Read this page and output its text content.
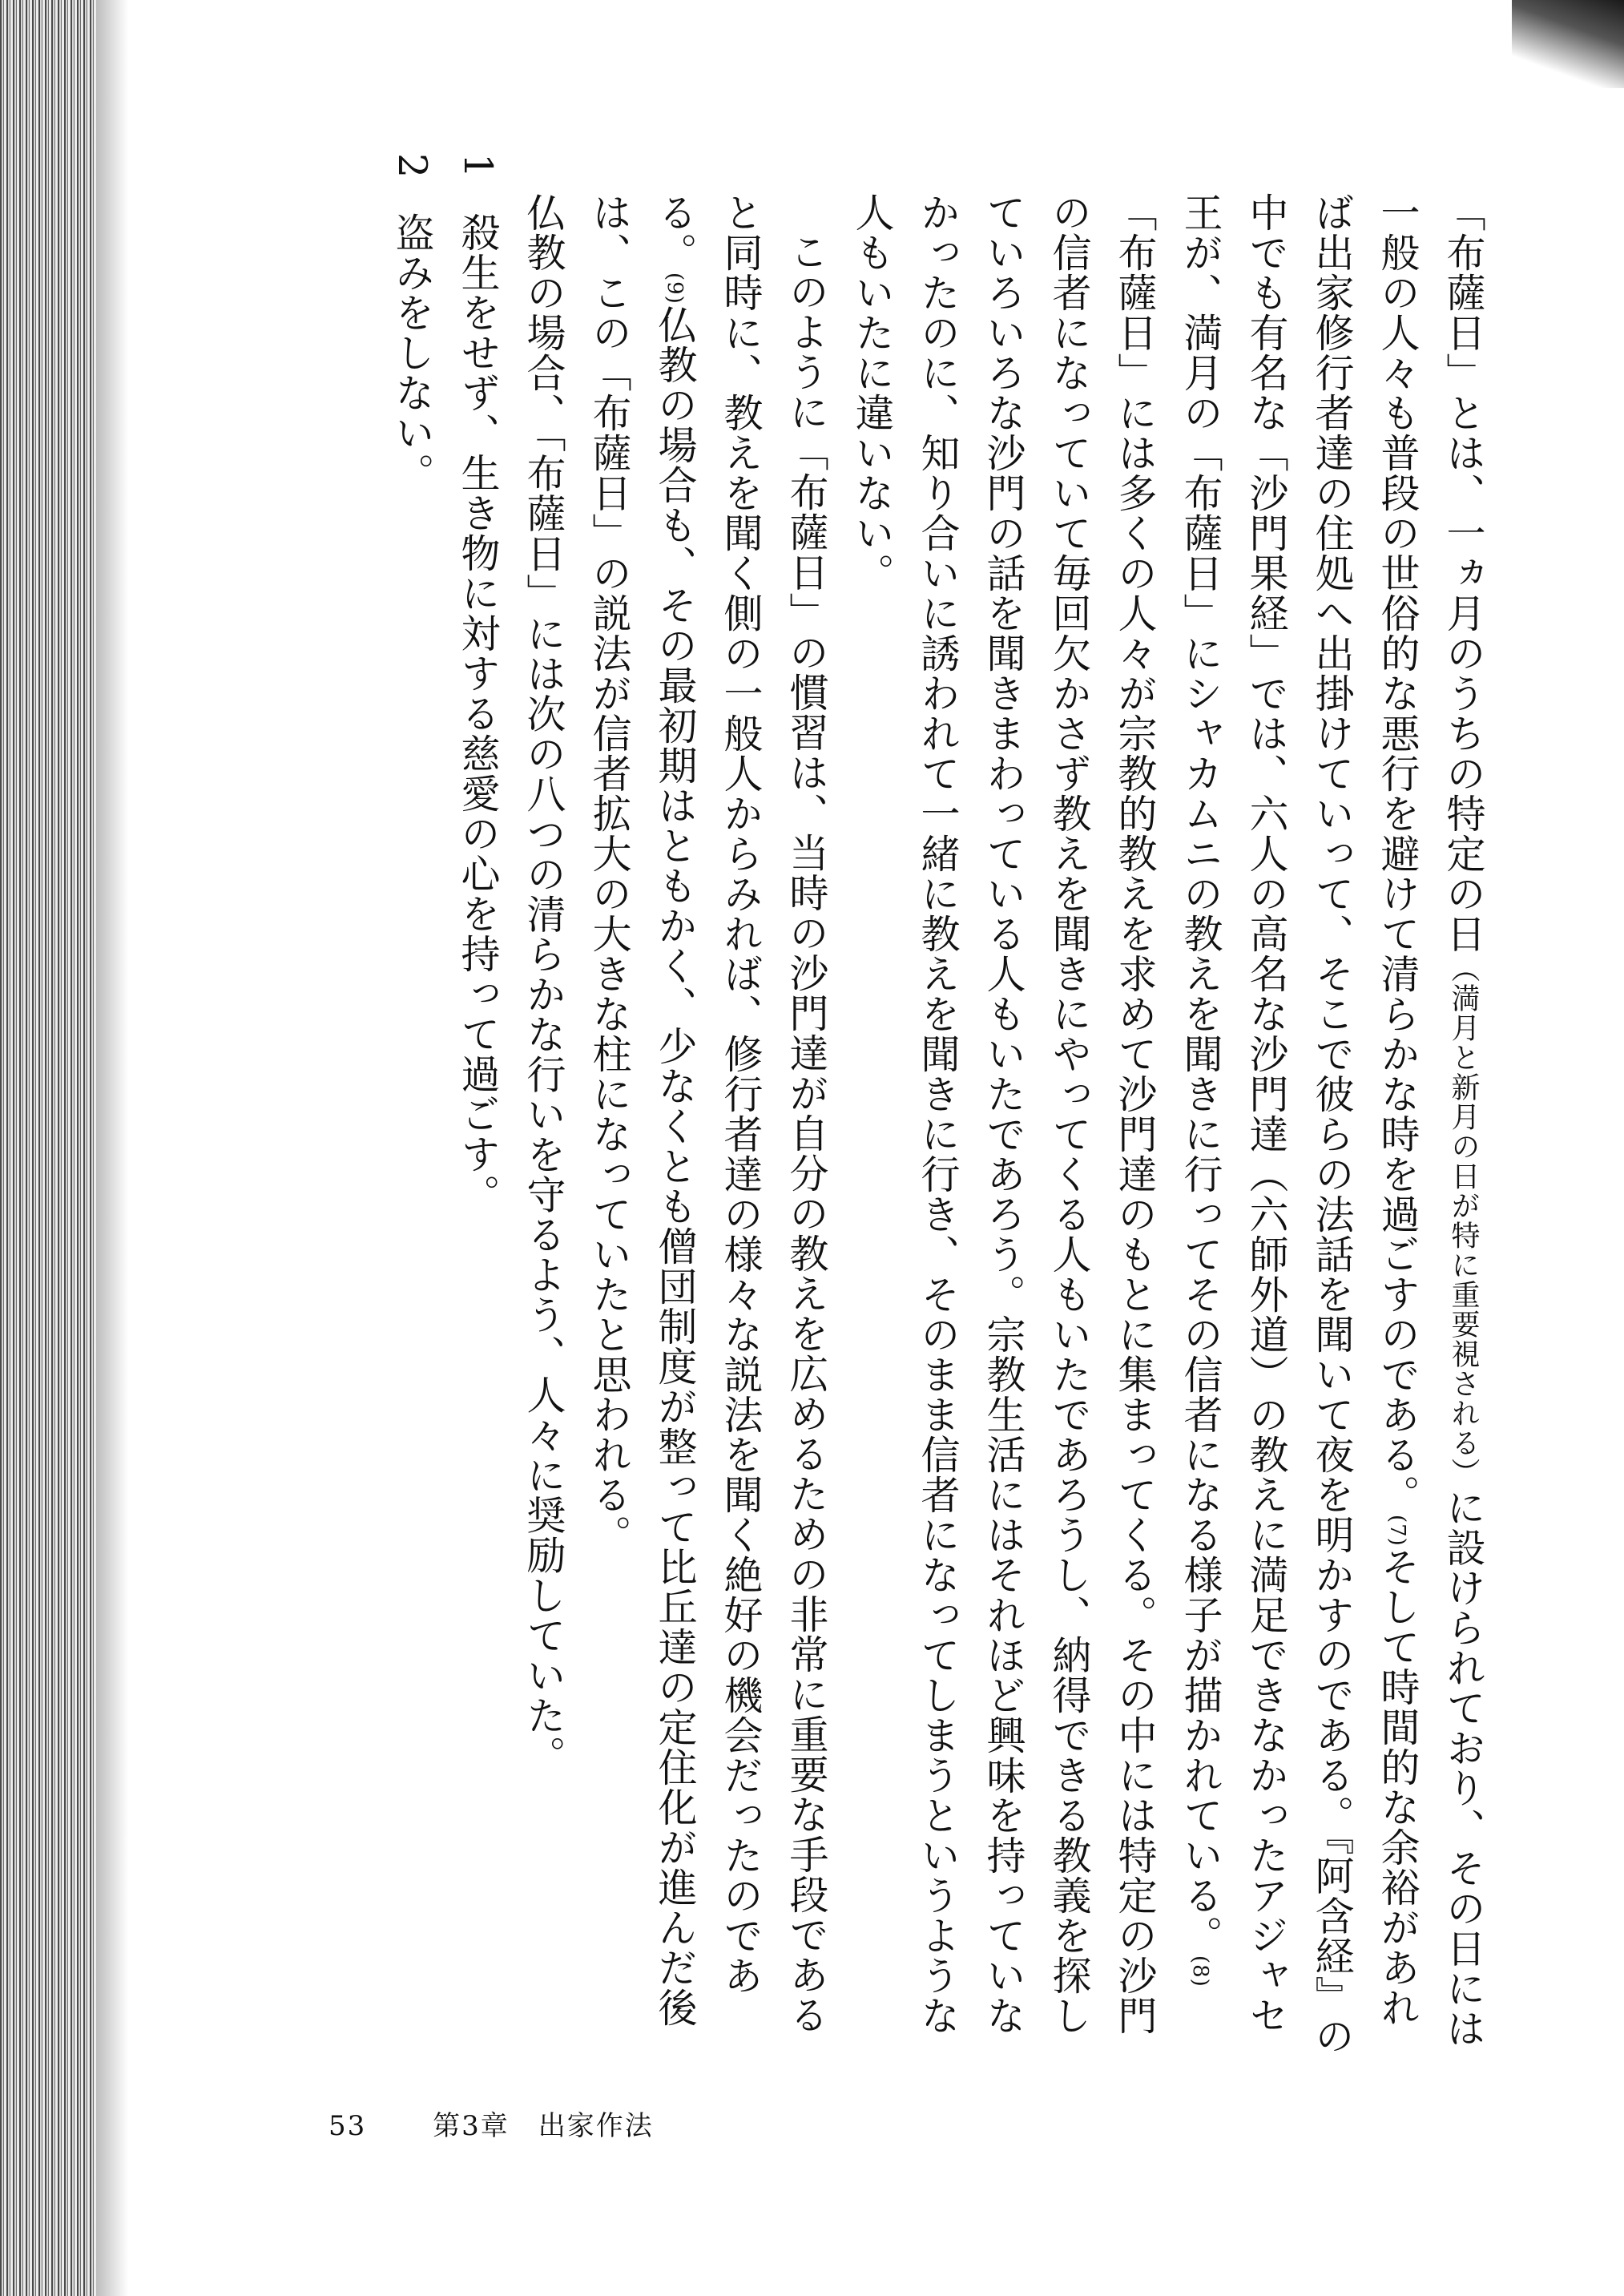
「布薩日」とは、一ヵ月のうちの特定の日（満月と新月の日が特に重要視される）に設けられており、その日には一般の人々も普段の世俗的な悪行を避けて清らかな時を過ごすのである。(7)そして時間的な余裕があれば出家修行者達の住処へ出掛けていって、そこで彼らの法話を聞いて夜を明かすのである。『阿含経』の中でも有名な「沙門果経」では、六人の高名な沙門達（六師外道）の教えに満足できなかったアジャセ王が、満月の「布薩日」にシャカムニの教えを聞きに行ってその信者になる様子が描かれている。(8)

「布薩日」には多くの人々が宗教的教えを求めて沙門達のもとに集まってくる。その中には特定の沙門の信者になっていて毎回欠かさず教えを聞きにやってくる人もいたであろうし、納得できる教義を探していろいろな沙門の話を聞きまわっている人もいたであろう。宗教生活にはそれほど興味を持っていなかったのに、知り合いに誘われて一緒に教えを聞きに行き、そのまま信者になってしまうというような人もいたに違いない。

このように「布薩日」の慣習は、当時の沙門達が自分の教えを広めるための非常に重要な手段であると同時に、教えを聞く側の一般人からみれば、修行者達の様々な説法を聞く絶好の機会だったのである。(9)仏教の場合も、その最初期はともかく、少なくとも僧団制度が整って比丘達の定住化が進んだ後は、この「布薩日」の説法が信者拡大の大きな柱になっていたと思われる。

仏教の場合、「布薩日」には次の八つの清らかな行いを守るよう、人々に奨励していた。

1殺生をせず、生き物に対する慈愛の心を持って過ごす。

2盗みをしない。

53 第3章　出家作法
